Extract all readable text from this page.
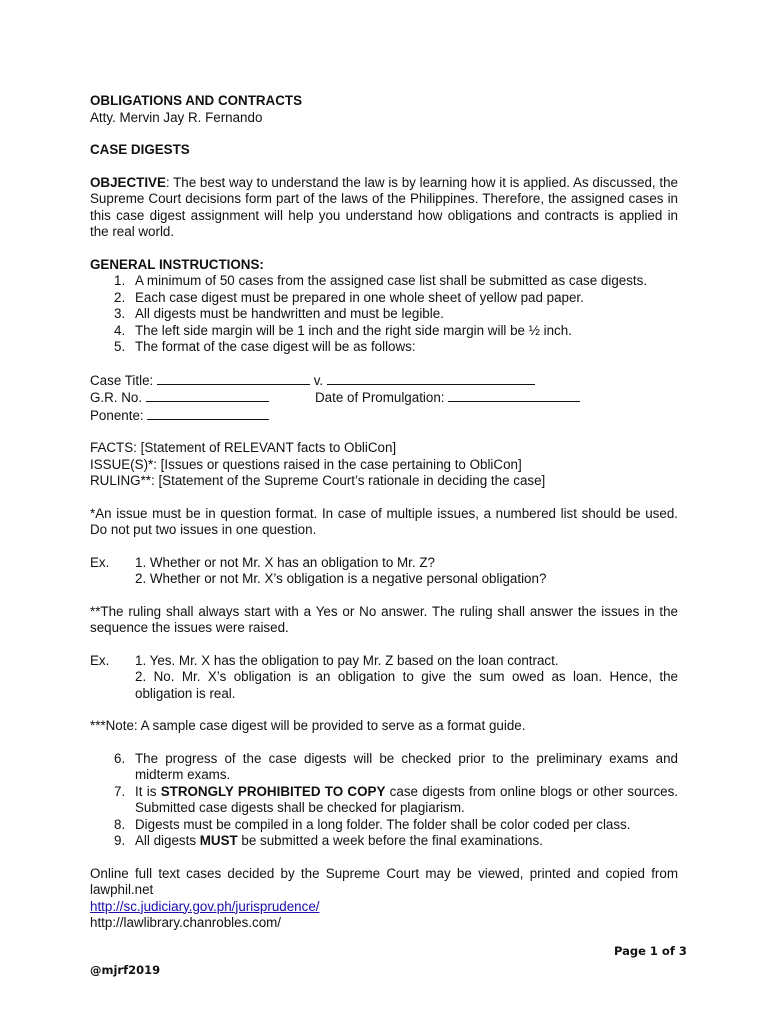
OBLIGATIONS AND CONTRACTS

Atty. Mervin Jay R. Fernando

CASE DIGESTS

OBJECTIVE: The best way to understand the law is by learning how it is applied. As discussed, the Supreme Court decisions form part of the laws of the Philippines. Therefore, the assigned cases in this case digest assignment will help you understand how obligations and contracts is applied in the real world.

GENERAL INSTRUCTIONS:

1. A minimum of 50 cases from the assigned case list shall be submitted as case digests.
2. Each case digest must be prepared in one whole sheet of yellow pad paper.
3. All digests must be handwritten and must be legible.
4. The left side margin will be 1 inch and the right side margin will be ½ inch.
5. The format of the case digest will be as follows:

Case Title:	v.

G.R. No.	Date of Promulgation:

Ponente:

FACTS: [Statement of RELEVANT facts to ObliCon]

ISSUE(S)*: [Issues or questions raised in the case pertaining to ObliCon]

RULING**: [Statement of the Supreme Court’s rationale in deciding the case]

*An issue must be in question format. In case of multiple issues, a numbered list should be used. Do not put two issues in one question.

Ex. 1. Whether or not Mr. X has an obligation to Mr. Z?

2. Whether or not Mr. X’s obligation is a negative personal obligation?

**The ruling shall always start with a Yes or No answer. The ruling shall answer the issues in the sequence the issues were raised.

Ex. 1. Yes. Mr. X has the obligation to pay Mr. Z based on the loan contract.

2. No. Mr. X’s obligation is an obligation to give the sum owed as loan. Hence, the obligation is real.

***Note: A sample case digest will be provided to serve as a format guide.

6. The progress of the case digests will be checked prior to the preliminary exams and midterm exams.
7. It is STRONGLY PROHIBITED TO COPY case digests from online blogs or other sources. Submitted case digests shall be checked for plagiarism.
8. Digests must be compiled in a long folder. The folder shall be color coded per class.
9. All digests MUST be submitted a week before the final examinations.

Online full text cases decided by the Supreme Court may be viewed, printed and copied from lawphil.net

http://sc.judiciary.gov.ph/jurisprudence/

http://lawlibrary.chanrobles.com/

Page 1 of 3
@mjrf2019
